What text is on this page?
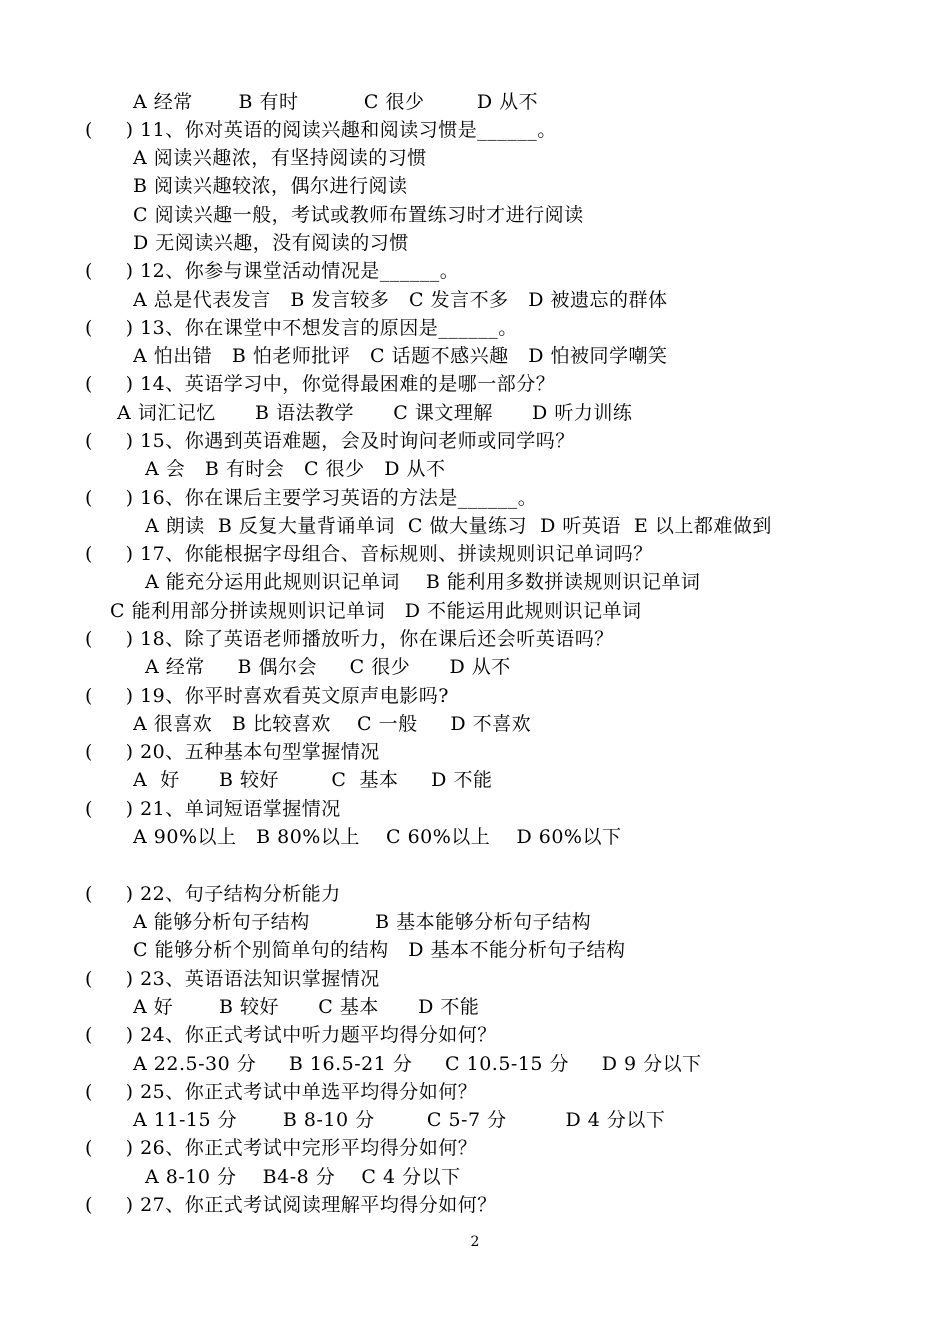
A 经常       B 有时          C 很少        D 从不
(     ) 11、你对英语的阅读兴趣和阅读习惯是______。
A 阅读兴趣浓，有坚持阅读的习惯
B 阅读兴趣较浓，偶尔进行阅读
C 阅读兴趣一般，考试或教师布置练习时才进行阅读
D 无阅读兴趣，没有阅读的习惯
(     ) 12、你参与课堂活动情况是______。
A 总是代表发言   B 发言较多   C 发言不多   D 被遗忘的群体
(     ) 13、你在课堂中不想发言的原因是______。
A 怕出错   B 怕老师批评   C 话题不感兴趣   D 怕被同学嘲笑
(     ) 14、英语学习中，你觉得最困难的是哪一部分？
A 词汇记忆      B 语法教学      C 课文理解      D 听力训练
(     ) 15、你遇到英语难题，会及时询问老师或同学吗？
A 会   B 有时会   C 很少   D 从不
(     ) 16、你在课后主要学习英语的方法是______。
A 朗读  B 反复大量背诵单词  C 做大量练习  D 听英语  E 以上都难做到
(     ) 17、你能根据字母组合、音标规则、拼读规则识记单词吗？
A 能充分运用此规则识记单词    B 能利用多数拼读规则识记单词
C 能利用部分拼读规则识记单词   D 不能运用此规则识记单词
(     ) 18、除了英语老师播放听力，你在课后还会听英语吗？
A 经常     B 偶尔会     C 很少      D 从不
(     ) 19、你平时喜欢看英文原声电影吗?
A 很喜欢   B 比较喜欢    C 一般     D 不喜欢
(     ) 20、五种基本句型掌握情况
A  好      B 较好        C  基本     D 不能
(     ) 21、单词短语掌握情况
A 90%以上   B 80%以上    C 60%以上    D 60%以下
(     ) 22、句子结构分析能力
A 能够分析句子结构          B 基本能够分析句子结构
C 能够分析个别简单句的结构   D 基本不能分析句子结构
(     ) 23、英语语法知识掌握情况
A 好       B 较好      C 基本      D 不能
(     ) 24、你正式考试中听力题平均得分如何？
A 22.5-30 分     B 16.5-21 分     C 10.5-15 分     D 9 分以下
(     ) 25、你正式考试中单选平均得分如何？
A 11-15 分       B 8-10 分        C 5-7 分         D 4 分以下
(     ) 26、你正式考试中完形平均得分如何？
A 8-10 分    B4-8 分    C 4 分以下
(     ) 27、你正式考试阅读理解平均得分如何？
2
